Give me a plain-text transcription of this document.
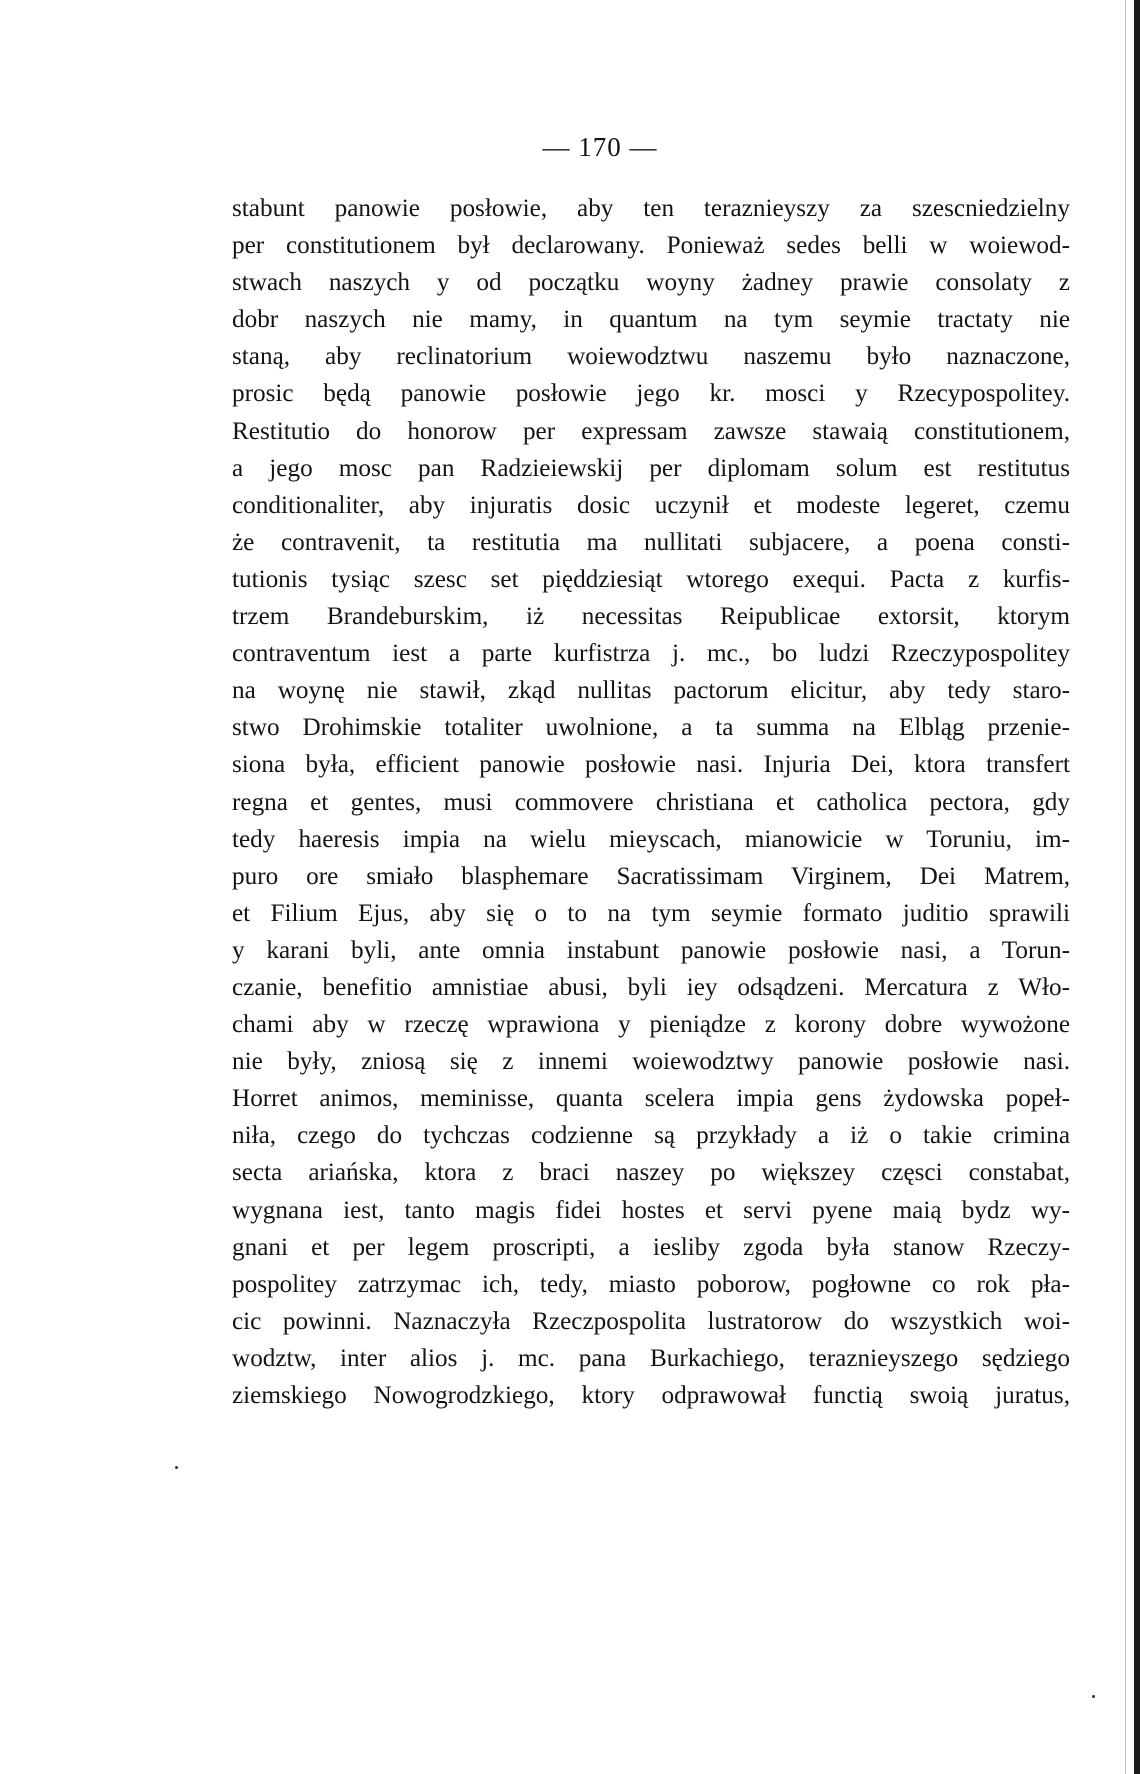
— 170 —
stabunt panowie posłowie, aby ten teraznieyszy za szescniedzielny
per constitutionem był declarowany. Ponieważ sedes belli w woiewod-
stwach naszych y od początku woyny żadney prawie consolaty z
dobr naszych nie mamy, in quantum na tym seymie tractaty nie
staną, aby reclinatorium woiewodztwu naszemu było naznaczone,
prosic będą panowie posłowie jego kr. mosci y Rzecypospolitey.
Restitutio do honorow per expressam zawsze stawaią constitutionem,
a jego mosc pan Radzieiewskij per diplomam solum est restitutus
conditionaliter, aby injuratis dosic uczynił et modeste legeret, czemu
że contravenit, ta restitutia ma nullitati subjacere, a poena consti-
tutionis tysiąc szesc set pięddziesiąt wtorego exequi. Pacta z kurfis-
trzem Brandeburskim, iż necessitas Reipublicae extorsit, ktorym
contraventum iest a parte kurfistrza j. mc., bo ludzi Rzeczypospolitey
na woynę nie stawił, zkąd nullitas pactorum elicitur, aby tedy staro-
stwo Drohimskie totaliter uwolnione, a ta summa na Elbląg przenie-
siona była, efficient panowie posłowie nasi. Injuria Dei, ktora transfert
regna et gentes, musi commovere christiana et catholica pectora, gdy
tedy haeresis impia na wielu mieyscach, mianowicie w Toruniu, im-
puro ore smiało blasphemare Sacratissimam Virginem, Dei Matrem,
et Filium Ejus, aby się o to na tym seymie formato juditio sprawili
y karani byli, ante omnia instabunt panowie posłowie nasi, a Torun-
czanie, benefitio amnistiae abusi, byli iey odsądzeni. Mercatura z Wło-
chami aby w rzeczę wprawiona y pieniądze z korony dobre wywożone
nie były, zniosą się z innemi woiewodztwy panowie posłowie nasi.
Horret animos, meminisse, quanta scelera impia gens żydowska popeł-
niła, czego do tychczas codzienne są przykłady a iż o takie crimina
secta ariańska, ktora z braci naszey po większey częsci constabat,
wygnana iest, tanto magis fidei hostes et servi pyene maią bydz wy-
gnani et per legem proscripti, a iesliby zgoda była stanow Rzeczy-
pospolitey zatrzymac ich, tedy, miasto poborow, pogłowne co rok pła-
cic powinni. Naznaczyła Rzeczpospolita lustratorow do wszystkich woi-
wodztw, inter alios j. mc. pana Burkachiego, teraznieyszego sędziego
ziemskiego Nowogrodzkiego, ktory odprawował functią swoią juratus,
